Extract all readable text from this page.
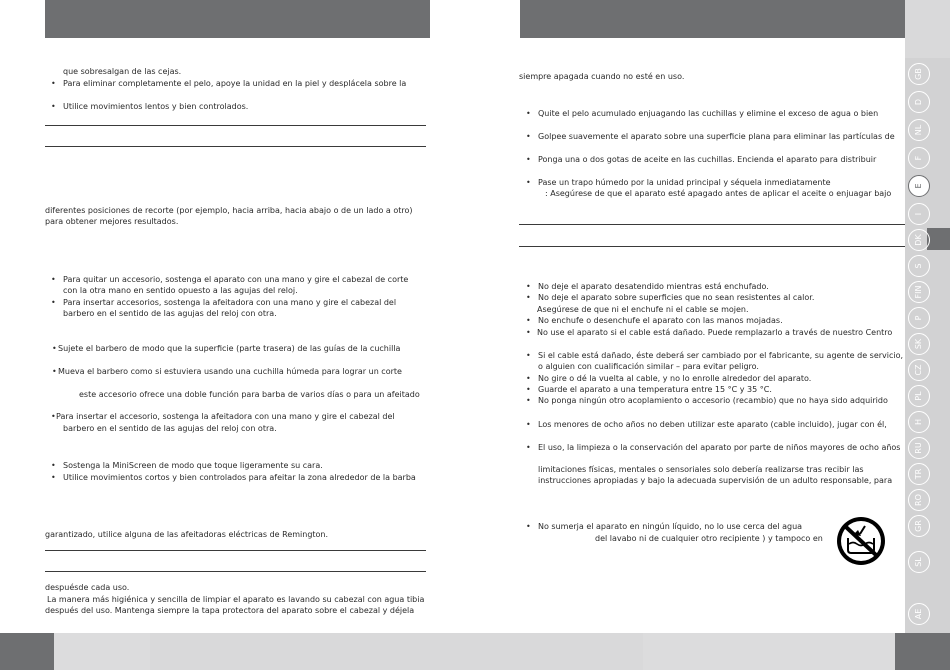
que sobresalgan de las cejas.
• Para eliminar completamente el pelo, apoye la unidad en la piel y desplácela sobre la
• Utilice movimientos lentos y bien controlados.
diferentes posiciones de recorte (por ejemplo, hacia arriba, hacia abajo o de un lado a otro)
para obtener mejores resultados.
• Para quitar un accesorio, sostenga el aparato con una mano y gire el cabezal de corte
con la otra mano en sentido opuesto a las agujas del reloj.
• Para insertar accesorios, sostenga la afeitadora con una mano y gire el cabezal del
barbero en el sentido de las agujas del reloj con otra.
• Sujete el barbero de modo que la superficie (parte trasera) de las guías de la cuchilla
• Mueva el barbero como si estuviera usando una cuchilla húmeda para lograr un corte
este accesorio ofrece una doble función para barba de varios días o para un afeitado
• Para insertar el accesorio, sostenga la afeitadora con una mano y gire el cabezal del
barbero en el sentido de las agujas del reloj con otra.
• Sostenga la MiniScreen de modo que toque ligeramente su cara.
• Utilice movimientos cortos y bien controlados para afeitar la zona alrededor de la barba
garantizado, utilice alguna de las afeitadoras eléctricas de Remington.
despuésde cada uso.
La manera más higiénica y sencilla de limpiar el aparato es lavando su cabezal con agua tibia
después del uso. Mantenga siempre la tapa protectora del aparato sobre el cabezal y déjela
siempre apagada cuando no esté en uso.
• Quite el pelo acumulado enjuagando las cuchillas y elimine el exceso de agua o bien
• Golpee suavemente el aparato sobre una superficie plana para eliminar las partículas de
• Ponga una o dos gotas de aceite en las cuchillas. Encienda el aparato para distribuir
• Pase un trapo húmedo por la unidad principal y séquela inmediatamente
: Asegúrese de que el aparato esté apagado antes de aplicar el aceite o enjuagar bajo
• No deje el aparato desatendido mientras está enchufado.
• No deje el aparato sobre superficies que no sean resistentes al calor.
Asegúrese de que ni el enchufe ni el cable se mojen.
• No enchufe o desenchufe el aparato con las manos mojadas.
• No use el aparato si el cable está dañado. Puede remplazarlo a través de nuestro Centro
• Si el cable está dañado, éste deberá ser cambiado por el fabricante, su agente de servicio,
o alguien con cualificación similar – para evitar peligro.
• No gire o dé la vuelta al cable, y no lo enrolle alrededor del aparato.
• Guarde el aparato a una temperatura entre 15 °C y 35 °C.
• No ponga ningún otro acoplamiento o accesorio (recambio) que no haya sido adquirido
• Los menores de ocho años no deben utilizar este aparato (cable incluido), jugar con él,
• El uso, la limpieza o la conservación del aparato por parte de niños mayores de ocho años
limitaciones físicas, mentales o sensoriales solo debería realizarse tras recibir las
instrucciones apropiadas y bajo la adecuada supervisión de un adulto responsable, para
• No sumerja el aparato en ningún líquido, no lo use cerca del agua
del lavabo ni de cualquier otro recipiente ) y tampoco en
GB
D
NL
F
E
I
DK
S
FIN
P
SK
CZ
PL
H
RU
TR
RO
GR
SL
AE
